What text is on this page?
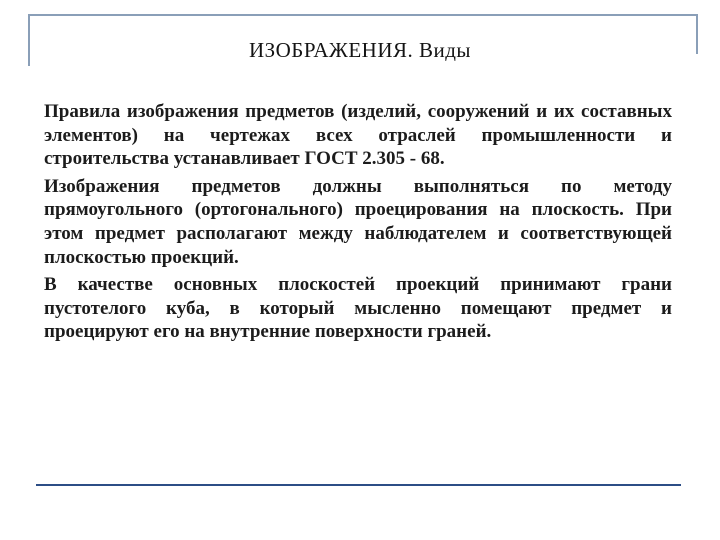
ИЗОБРАЖЕНИЯ. Виды

Правила изображения предметов (изделий, сооружений и их составных элементов) на чертежах всех отраслей промышленности и строительства устанавливает ГОСТ 2.305 - 68.

Изображения предметов должны выполняться по методу прямоугольного (ортогонального) проецирования на плоскость. При этом предмет располагают между наблюдателем и соответствующей плоскостью проекций.

В качестве основных плоскостей проекций принимают грани пустотелого куба, в который мысленно помещают предмет и проецируют его на внутренние поверхности граней.
